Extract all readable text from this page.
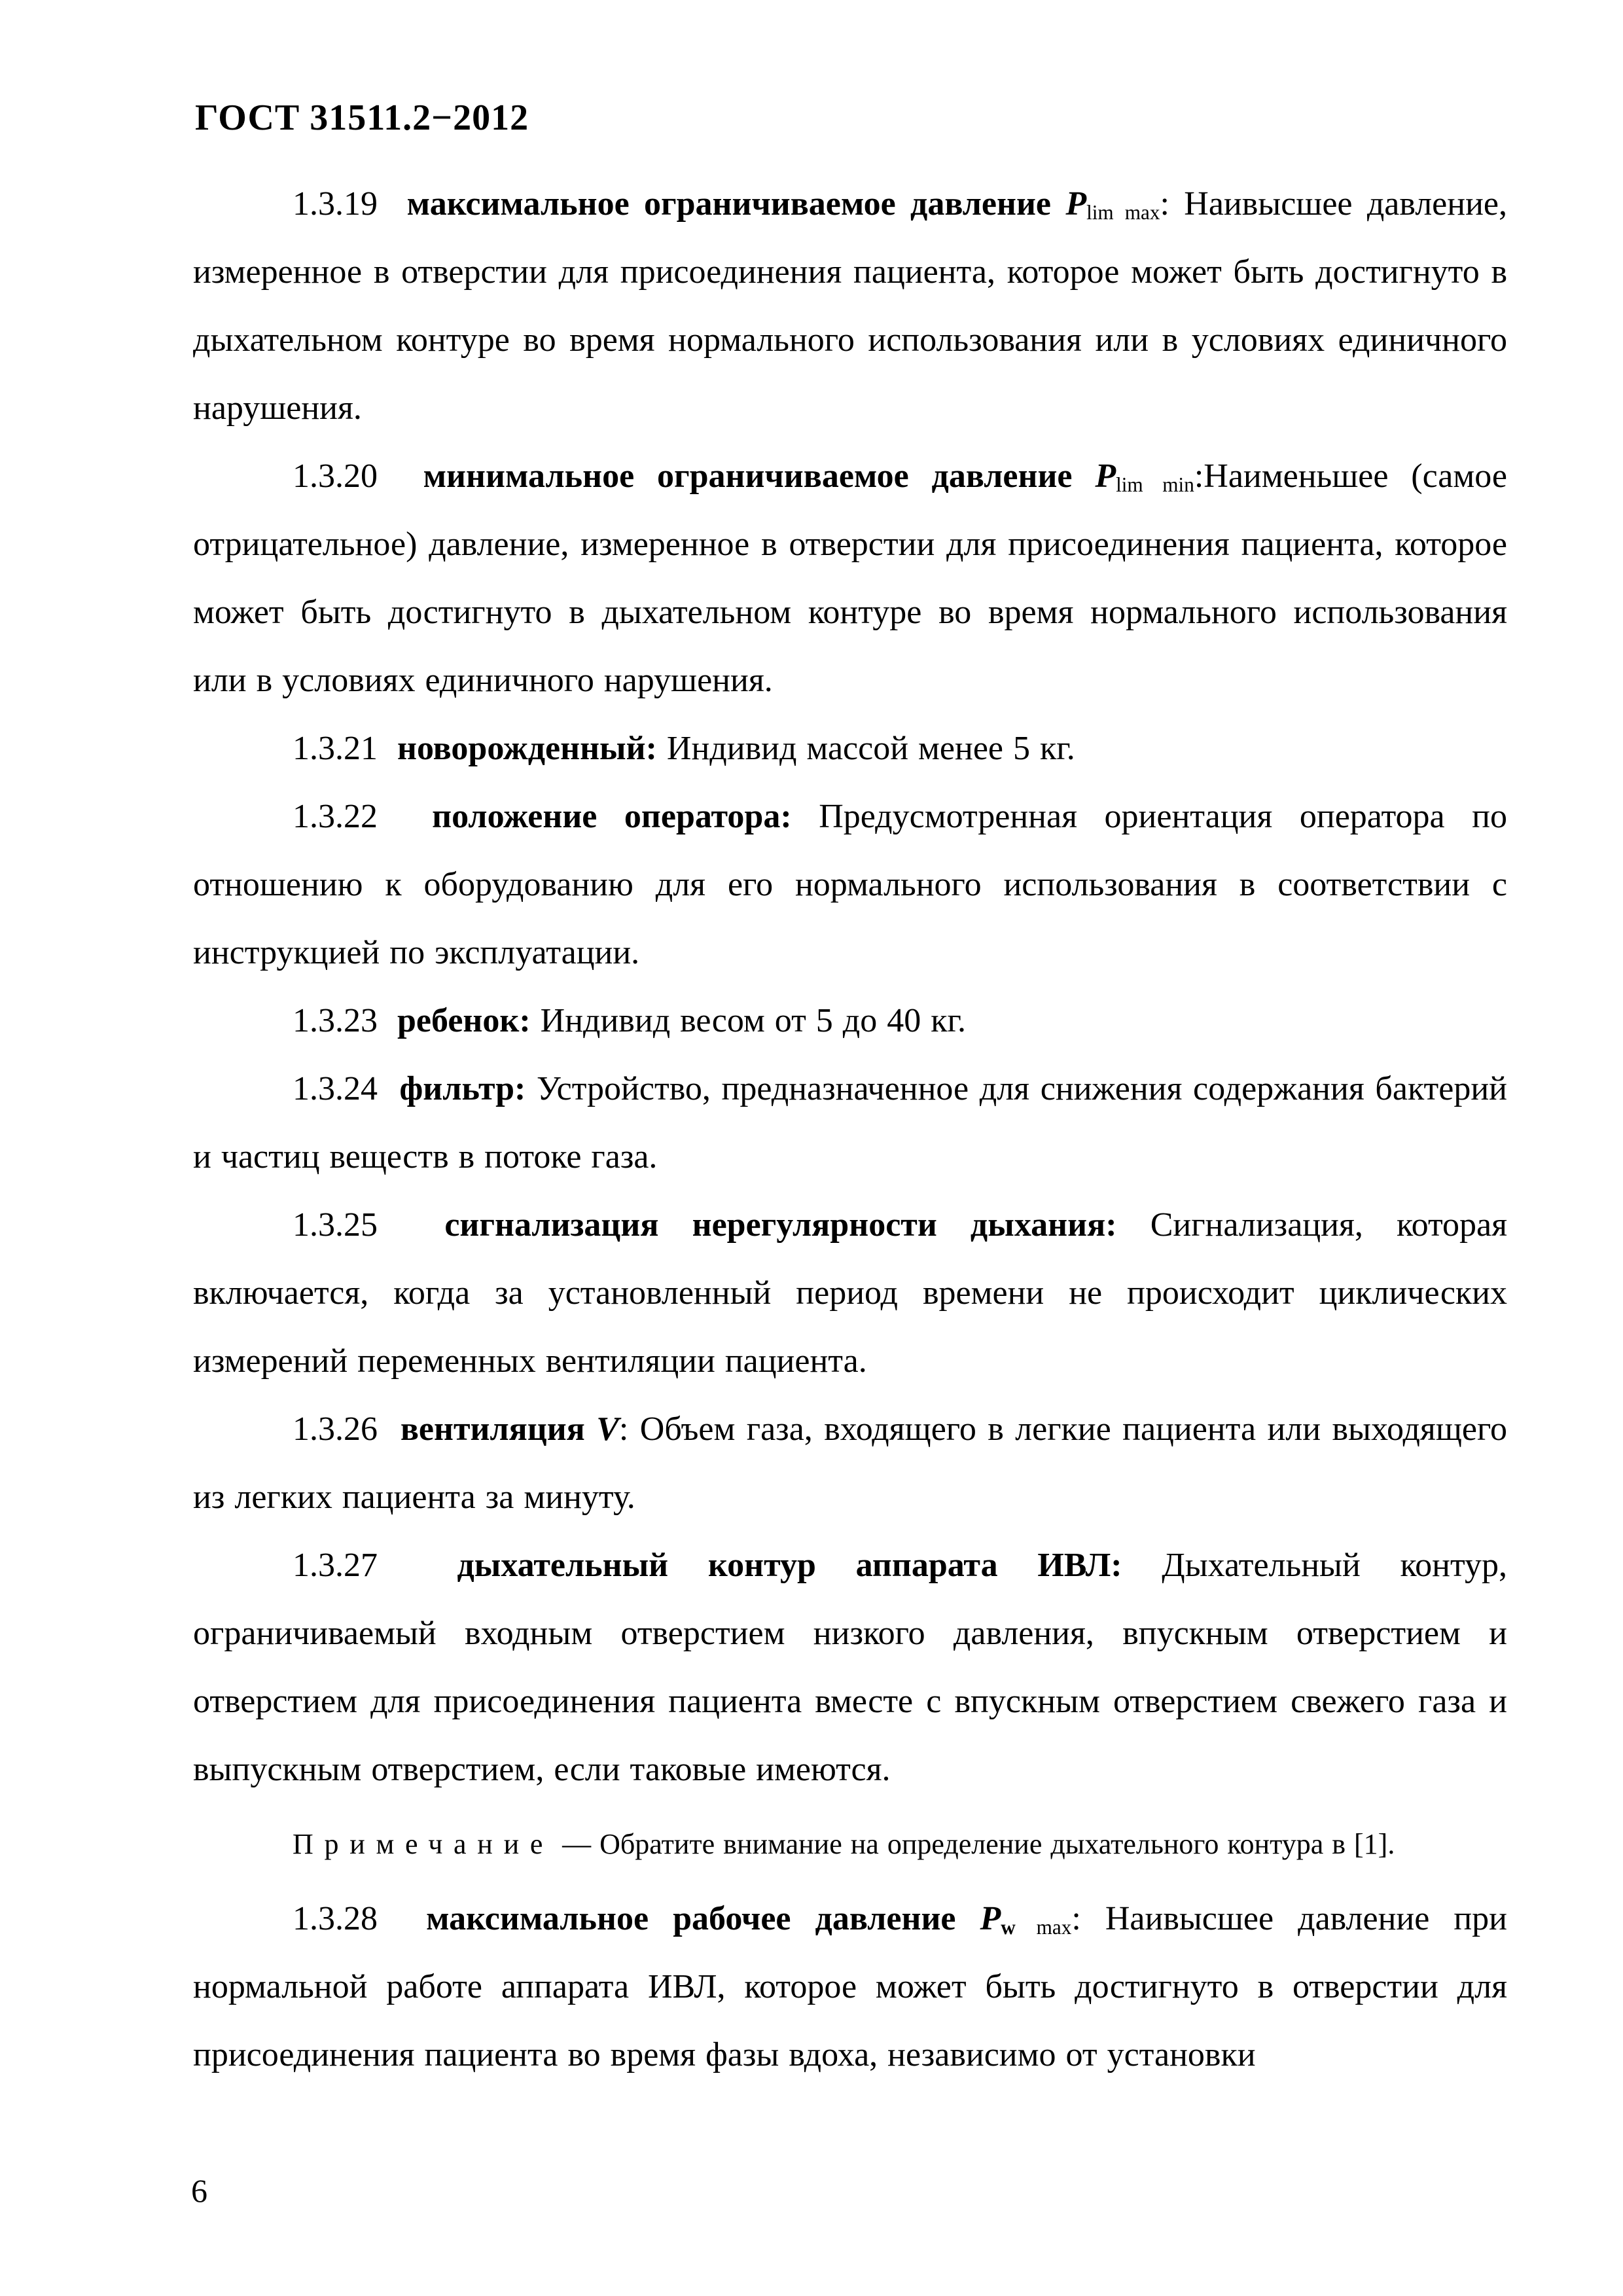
ГОСТ 31511.2−2012

1.3.19  максимальное ограничиваемое давление $P_{lim max}$: Наивысшее давление, измеренное в отверстии для присоединения пациента, которое может быть достигнуто в дыхательном контуре во время нормального использования или в условиях единичного нарушения.

1.3.20  минимальное ограничиваемое давление $P_{lim min}:Наименьшее$ (самое отрицательное) давление, измеренное в отверстии для присоединения пациента, которое может быть достигнуто в дыхательном контуре во время нормального использования или в условиях единичного нарушения.

1.3.21  новорожденный: Индивид массой менее 5 кг.

1.3.22  положение оператора: Предусмотренная ориентация оператора по отношению к оборудованию для его нормального использования в соответствии с инструкцией по эксплуатации.

1.3.23  ребенок: Индивид весом от 5 до 40 кг.

1.3.24  фильтр: Устройство, предназначенное для снижения содержания бактерий и частиц веществ в потоке газа.

1.3.25  сигнализация нерегулярности дыхания: Сигнализация, которая включается, когда за установленный период времени не происходит циклических измерений переменных вентиляции пациента.

1.3.26  вентиляция V: Объем газа, входящего в легкие пациента или выходящего из легких пациента за минуту.

1.3.27  дыхательный контур аппарата ИВЛ: Дыхательный контур, ограничиваемый входным отверстием низкого давления, впускным отверстием и отверстием для присоединения пациента вместе с впускным отверстием свежего газа и выпускным отверстием, если таковые имеются.

Примечание — Обратите внимание на определение дыхательного контура в [1].

1.3.28  максимальное рабочее давление $P_w$ $_{max}$: Наивысшее давление при нормальной работе аппарата ИВЛ, которое может быть достигнуто в отверстии для присоединения пациента во время фазы вдоха, независимо от установки

6
